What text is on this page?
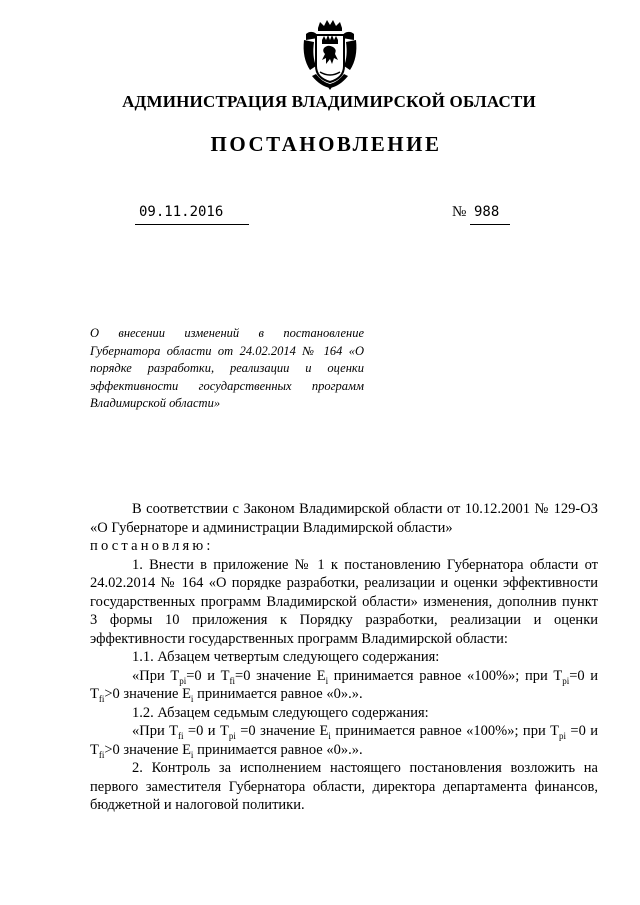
АДМИНИСТРАЦИЯ ВЛАДИМИРСКОЙ ОБЛАСТИ
ПОСТАНОВЛЕНИЕ
09.11.2016	№ 988
О внесении изменений в постановление Губернатора области от 24.02.2014 № 164 «О порядке разработки, реализации и оценки эффективности государственных программ Владимирской области»

В соответствии с Законом Владимирской области от 10.12.2001 № 129-ОЗ «О Губернаторе и администрации Владимирской области»
постановляю:

1. Внести в приложение № 1 к постановлению Губернатора области от 24.02.2014 № 164 «О порядке разработки, реализации и оценки эффективности государственных программ Владимирской области» изменения, дополнив пункт 3 формы 10 приложения к Порядку разработки, реализации и оценки эффективности государственных программ Владимирской области:

1.1. Абзацем четвертым следующего содержания:

«При $T_{pi}=0$ и $T_{fi}=0$ значение $E_i$ принимается равное «100%»; при $T_{pi}=0$ и $T_{fi}>0$ значение $E_i$ принимается равное «0».».

1.2. Абзацем седьмым следующего содержания:

«При $T_{fi} =0$ и $T_{pi} =0$ значение $E_i$ принимается равное «100%»; при $T_{pi} =0$ и $T_{fi}>0$ значение $E_i$ принимается равное «0».».

2. Контроль за исполнением настоящего постановления возложить на первого заместителя Губернатора области, директора департамента финансов, бюджетной и налоговой политики.
